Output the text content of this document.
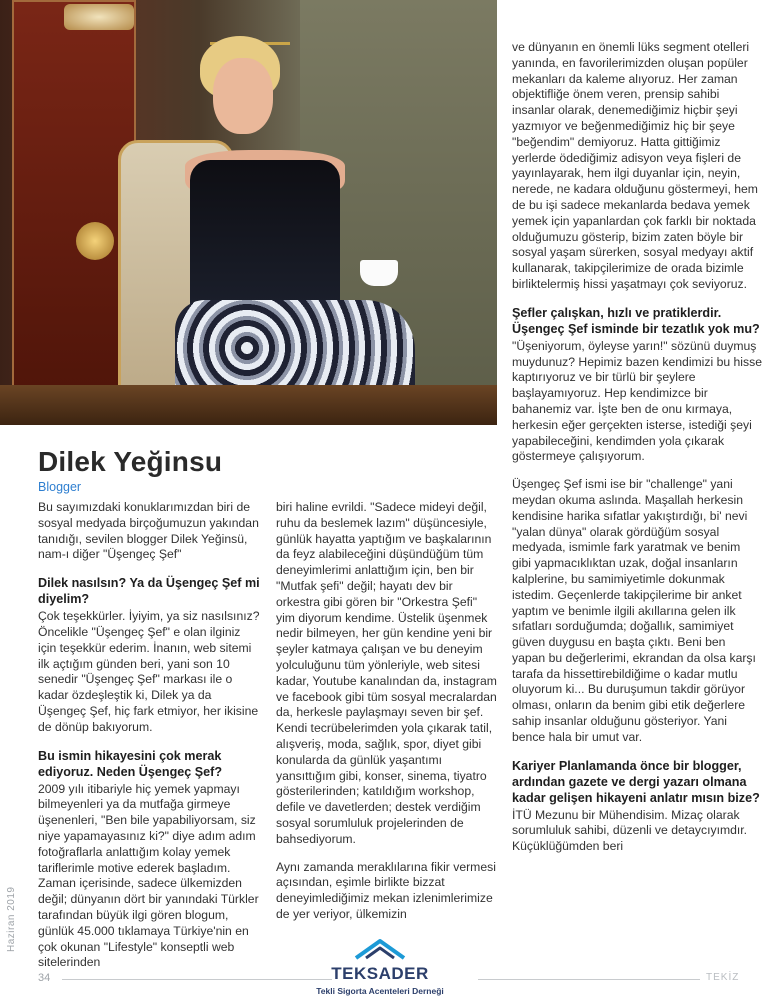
Dilek Yeğinsu

Blogger

Bu sayımızdaki konuklarımızdan biri de sosyal medyada birçoğumuzun yakından tanıdığı, sevilen blogger Dilek Yeğinsü, nam-ı diğer "Üşengeç Şef"

Dilek nasılsın? Ya da Üşengeç Şef mi diyelim?

Çok teşekkürler. İyiyim, ya siz nasılsınız? Öncelikle "Üşengeç Şef" e olan ilginiz için teşekkür ederim. İnanın, web sitemi ilk açtığım günden beri, yani son 10 senedir "Üşengeç Şef" markası ile o kadar özdeşleştik ki, Dilek ya da Üşengeç Şef, hiç fark etmiyor, her ikisine de dönüp bakıyorum.

Bu ismin hikayesini çok merak ediyoruz. Neden Üşengeç Şef?

2009 yılı itibariyle hiç yemek yapmayı bilmeyenleri ya da mutfağa girmeye üşenenleri, "Ben bile yapabiliyorsam, siz niye yapamayasınız ki?" diye adım adım fotoğraflarla anlattığım kolay yemek tariflerimle motive ederek başladım. Zaman içerisinde, sadece ülkemizden değil; dünyanın dört bir yanındaki Türkler tarafından büyük ilgi gören blogum, günlük 45.000 tıklamaya Türkiye'nin en çok okunan "Lifestyle" konseptli web sitelerinden

biri haline evrildi. "Sadece mideyi değil, ruhu da beslemek lazım" düşüncesiyle, günlük hayatta yaptığım ve başkalarının da feyz alabileceğini düşündüğüm tüm deneyimlerimi anlattığım için, ben bir "Mutfak şefi" değil; hayatı dev bir orkestra gibi gören bir "Orkestra Şefi" yim diyorum kendime. Üstelik üşenmek nedir bilmeyen, her gün kendine yeni bir şeyler katmaya çalışan ve bu deneyim yolculuğunu tüm yönleriyle, web sitesi kadar, Youtube kanalından da, instagram ve facebook gibi tüm sosyal mecralardan da, herkesle paylaşmayı seven bir şef. Kendi tecrübelerimden yola çıkarak tatil, alışveriş, moda, sağlık, spor, diyet gibi konularda da günlük yaşantımı yansıttığım gibi, konser, sinema, tiyatro gösterilerinden; katıldığım workshop, defile ve davetlerden; destek verdiğim sosyal sorumluluk projelerinden de bahsediyorum.

Aynı zamanda meraklılarına fikir vermesi açısından, eşimle birlikte bizzat deneyimlediğimiz mekan izlenimlerimize de yer veriyor, ülkemizin

ve dünyanın en önemli lüks segment otelleri yanında, en favorilerimizden oluşan popüler mekanları da kaleme alıyoruz. Her zaman objektifliğe önem veren, prensip sahibi insanlar olarak, denemediğimiz hiçbir şeyi yazmıyor ve beğenmediğimiz hiç bir şeye "beğendim" demiyoruz. Hatta gittiğimiz yerlerde ödediğimiz adisyon veya fişleri de yayınlayarak, hem ilgi duyanlar için, neyin, nerede, ne kadara olduğunu göstermeyi, hem de bu işi sadece mekanlarda bedava yemek yemek için yapanlardan çok farklı bir noktada olduğumuzu gösterip, bizim zaten böyle bir sosyal yaşam sürerken, sosyal medyayı aktif kullanarak, takipçilerimize de orada bizimle birliktelermiş hissi yaşatmayı çok seviyoruz.

Şefler çalışkan, hızlı ve pratiklerdir. Üşengeç Şef isminde bir tezatlık yok mu?

"Üşeniyorum, öyleyse yarın!" sözünü duymuş muydunuz? Hepimiz bazen kendimizi bu hisse kaptırıyoruz ve bir türlü bir şeylere başlayamıyoruz. Hep kendimizce bir bahanemiz var. İşte ben de onu kırmaya, herkesin eğer gerçekten isterse, istediği şeyi yapabileceğini, kendimden yola çıkarak göstermeye çalışıyorum.

Üşengeç Şef ismi ise bir "challenge" yani meydan okuma aslında. Maşallah herkesin kendisine harika sıfatlar yakıştırdığı, bi' nevi "yalan dünya" olarak gördüğüm sosyal medyada, ismimle fark yaratmak ve benim gibi yapmacıklıktan uzak, doğal insanların kalplerine, bu samimiyetimle dokunmak istedim. Geçenlerde takipçilerime bir anket yaptım ve benimle ilgili akıllarına gelen ilk sıfatları sorduğumda; doğallık, samimiyet güven duygusu en başta çıktı. Beni ben yapan bu değerlerimi, ekrandan da olsa karşı tarafa da hissettirebildiğime o kadar mutlu oluyorum ki... Bu duruşumun takdir görüyor olması, onların da benim gibi etik değerlere sahip insanlar olduğunu gösteriyor. Yani bence hala bir umut var.

Kariyer Planlamanda önce bir blogger, ardından gazete ve dergi yazarı olmana kadar gelişen hikayeni anlatır mısın bize?

İTÜ Mezunu bir Mühendisim. Mizaç olarak sorumluluk sahibi, düzenli ve detaycıyımdır. Küçüklüğümden beri

Haziran 2019
34	TEKSADER
Tekli Sigorta Acenteleri Derneği
TEKİZ
